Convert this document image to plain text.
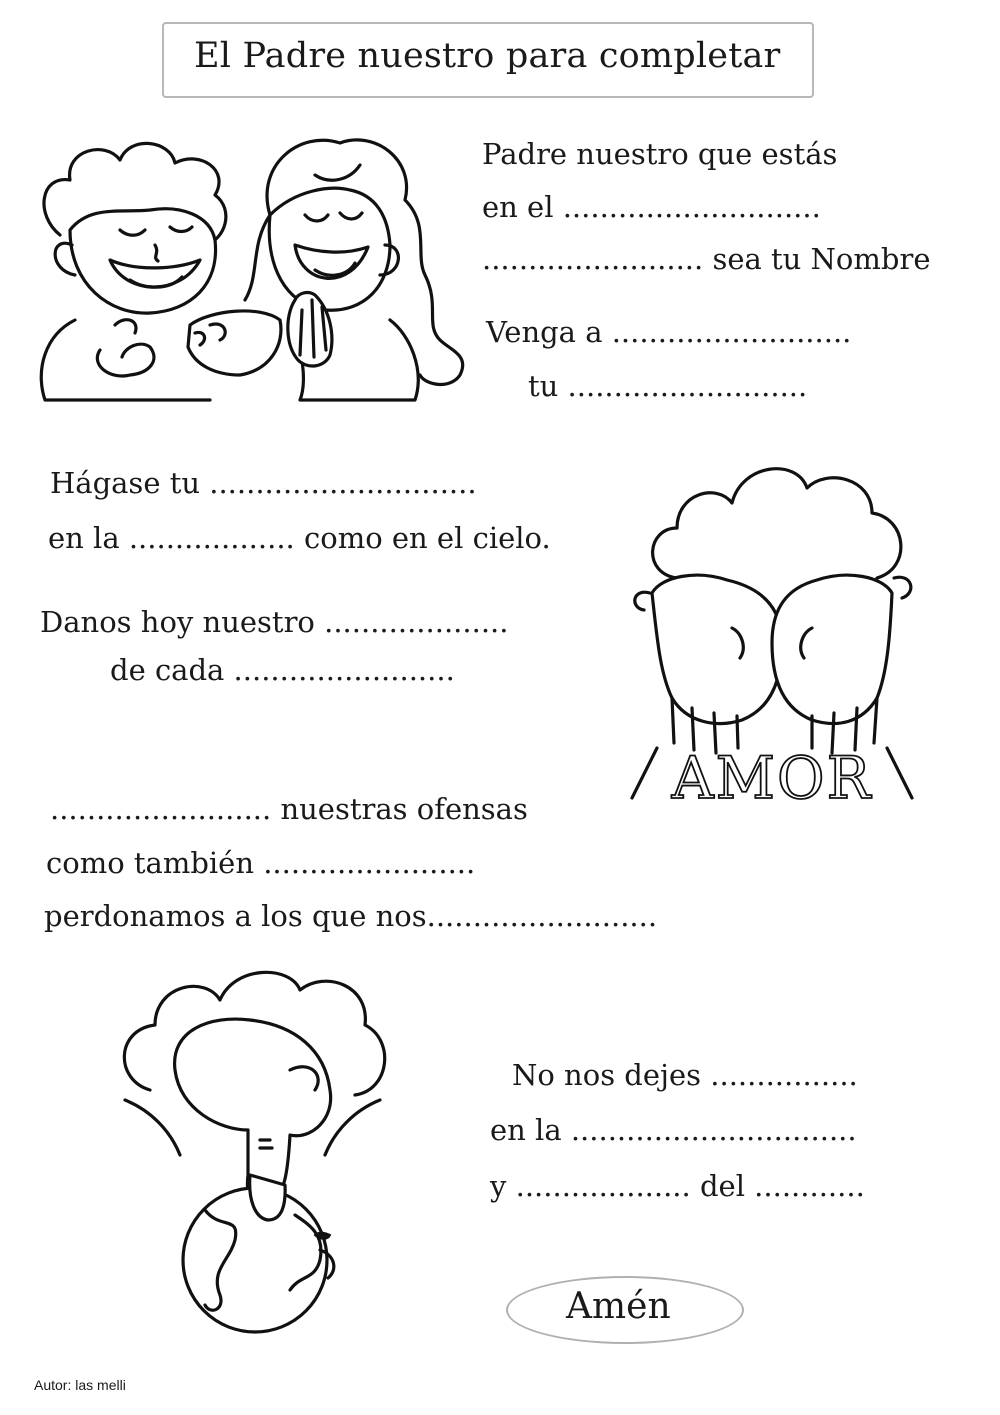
El Padre nuestro para completar
Padre nuestro que estás
en el ............................
........................ sea tu Nombre
Venga a ..........................
tu ..........................
Hágase tu .............................
en la .................. como en el cielo.
Danos hoy nuestro ....................
de cada ........................
........................ nuestras ofensas
como también .......................
perdonamos a los que nos.........................
No nos dejes ................
en la ...............................
y ................... del ............
Amén
Autor: las melli
AMOR
